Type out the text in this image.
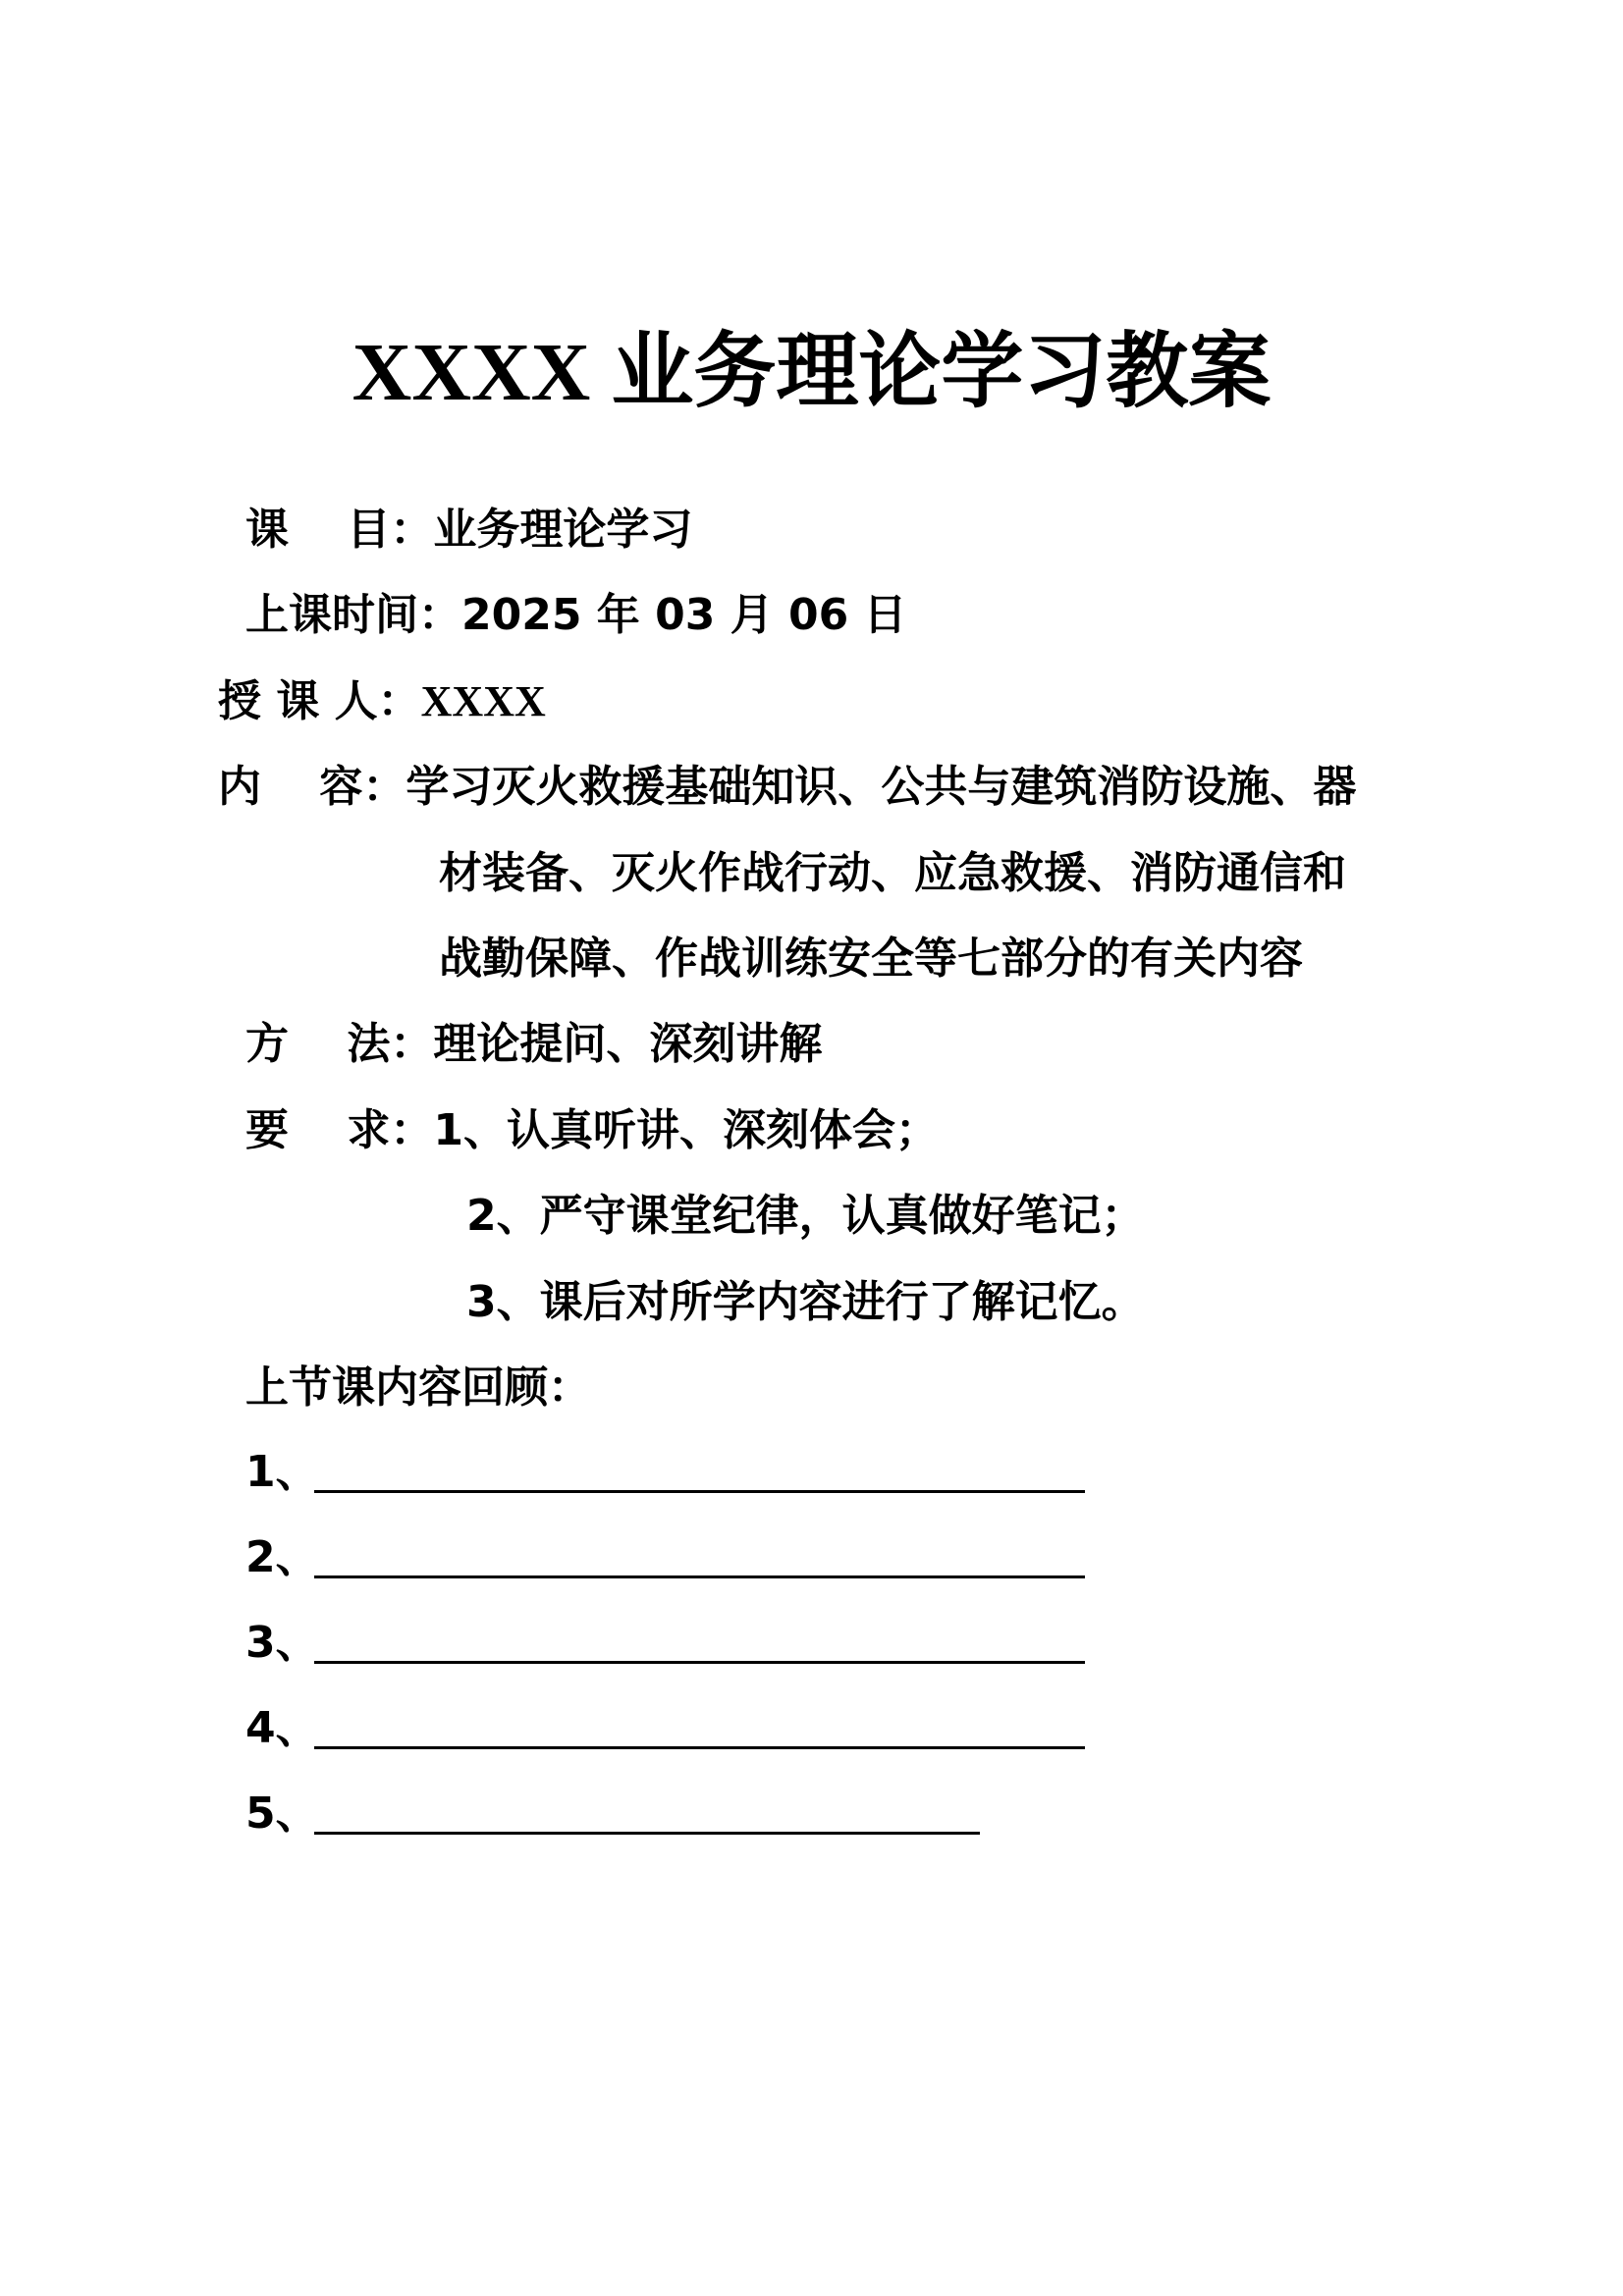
XXXX 业务理论学习教案
课　 目：业务理论学习
上课时间：2025 年 03 月 06 日
授 课 人：XXXX
内　 容：学习灭火救援基础知识、公共与建筑消防设施、器
材装备、灭火作战行动、应急救援、消防通信和
战勤保障、作战训练安全等七部分的有关内容
方　 法：理论提问、深刻讲解
要　 求：1、认真听讲、深刻体会；
2、严守课堂纪律，认真做好笔记；
3、课后对所学内容进行了解记忆。
上节课内容回顾：
1、
2、
3、
4、
5、
